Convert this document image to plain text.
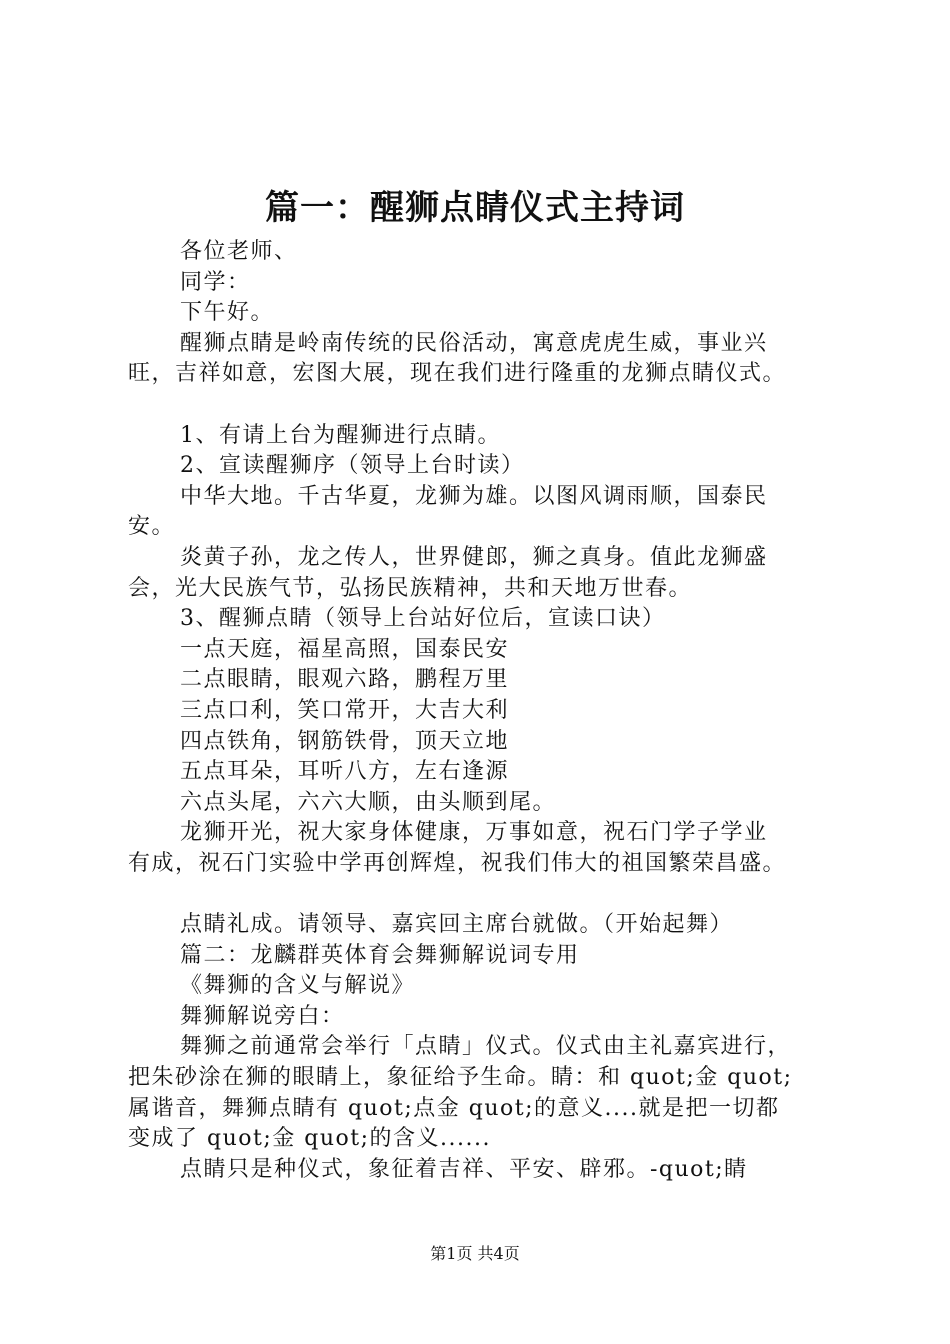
篇一：醒狮点睛仪式主持词
各位老师、
同学：
下午好。
醒狮点睛是岭南传统的民俗活动，寓意虎虎生威，事业兴
旺，吉祥如意，宏图大展，现在我们进行隆重的龙狮点睛仪式。
1、有请上台为醒狮进行点睛。
2、宣读醒狮序（领导上台时读）
中华大地。千古华夏，龙狮为雄。以图风调雨顺，国泰民
安。
炎黄子孙，龙之传人，世界健郎，狮之真身。值此龙狮盛
会，光大民族气节，弘扬民族精神，共和天地万世春。
3、醒狮点睛（领导上台站好位后，宣读口诀）
一点天庭，福星高照，国泰民安
二点眼睛，眼观六路，鹏程万里
三点口利，笑口常开，大吉大利
四点铁角，钢筋铁骨，顶天立地
五点耳朵，耳听八方，左右逢源
六点头尾，六六大顺，由头顺到尾。
龙狮开光，祝大家身体健康，万事如意，祝石门学子学业
有成，祝石门实验中学再创辉煌，祝我们伟大的祖国繁荣昌盛。
点睛礼成。请领导、嘉宾回主席台就做。（开始起舞）
篇二：龙麟群英体育会舞狮解说词专用
《舞狮的含义与解说》
舞狮解说旁白：
舞狮之前通常会举行「点睛」仪式。仪式由主礼嘉宾进行，
把朱砂涂在狮的眼睛上，象征给予生命。睛：和 quot;金 quot;
属谐音，舞狮点睛有 quot;点金 quot;的意义....就是把一切都
变成了 quot;金 quot;的含义......
点睛只是种仪式，象征着吉祥、平安、辟邪。-quot;睛
第1页 共4页
